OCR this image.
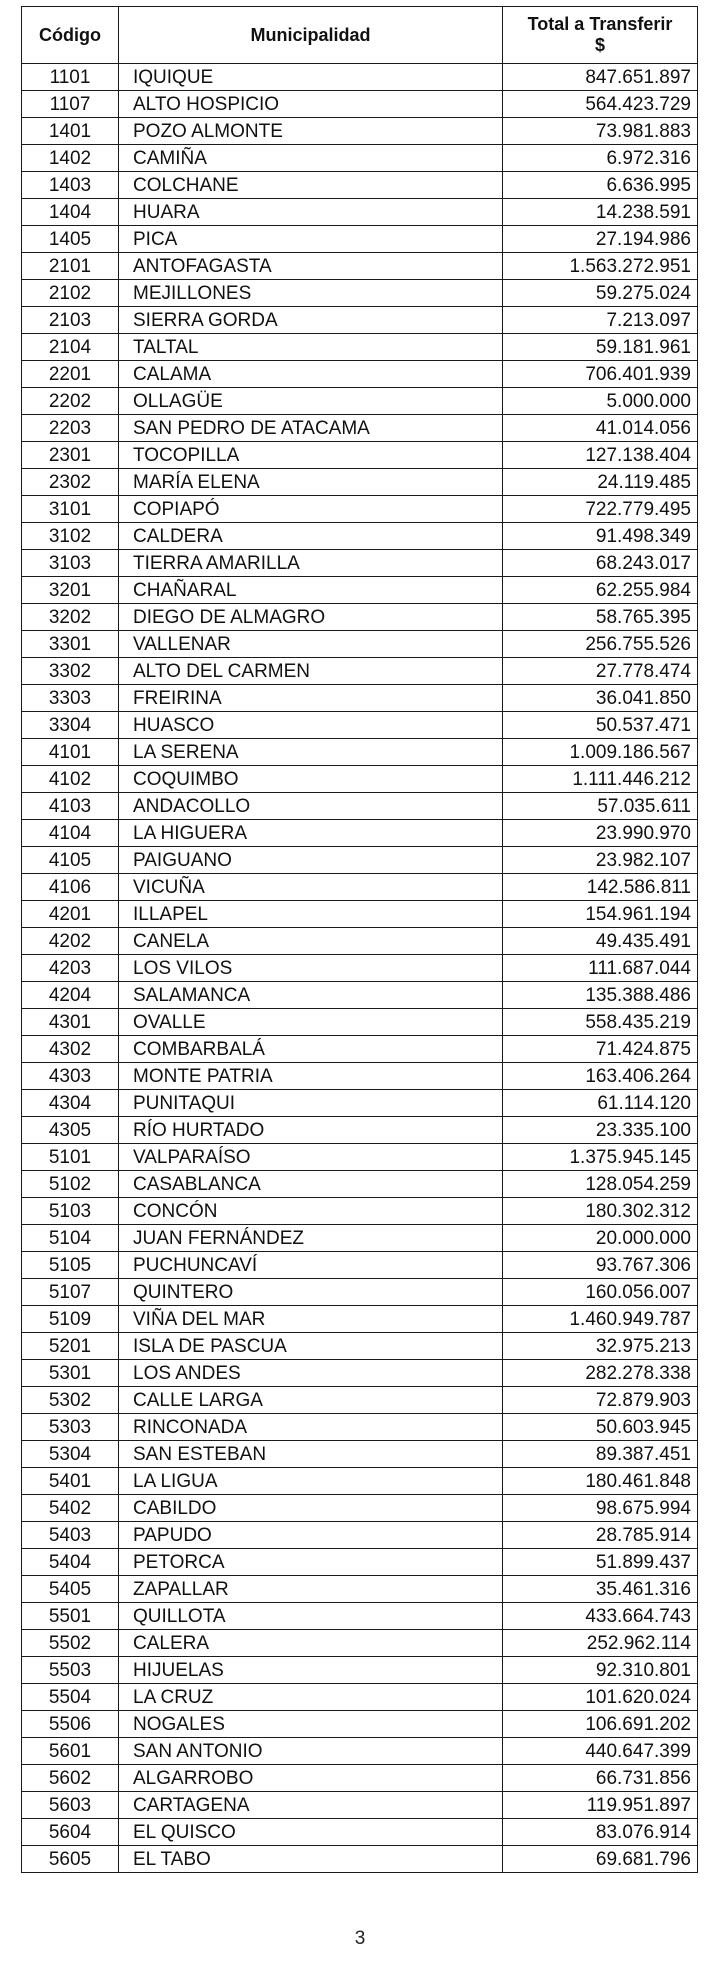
Código	Municipalidad	Total a Transferir
$

1101	IQUIQUE	847.651.897
1107	ALTO HOSPICIO	564.423.729
1401	POZO ALMONTE	73.981.883
1402	CAMIÑA	6.972.316
1403	COLCHANE	6.636.995
1404	HUARA	14.238.591
1405	PICA	27.194.986
2101	ANTOFAGASTA	1.563.272.951
2102	MEJILLONES	59.275.024
2103	SIERRA GORDA	7.213.097
2104	TALTAL	59.181.961
2201	CALAMA	706.401.939
2202	OLLAGÜE	5.000.000
2203	SAN PEDRO DE ATACAMA	41.014.056
2301	TOCOPILLA	127.138.404
2302	MARÍA ELENA	24.119.485
3101	COPIAPÓ	722.779.495
3102	CALDERA	91.498.349
3103	TIERRA AMARILLA	68.243.017
3201	CHAÑARAL	62.255.984
3202	DIEGO DE ALMAGRO	58.765.395
3301	VALLENAR	256.755.526
3302	ALTO DEL CARMEN	27.778.474
3303	FREIRINA	36.041.850
3304	HUASCO	50.537.471
4101	LA SERENA	1.009.186.567
4102	COQUIMBO	1.111.446.212
4103	ANDACOLLO	57.035.611
4104	LA HIGUERA	23.990.970
4105	PAIGUANO	23.982.107
4106	VICUÑA	142.586.811
4201	ILLAPEL	154.961.194
4202	CANELA	49.435.491
4203	LOS VILOS	111.687.044
4204	SALAMANCA	135.388.486
4301	OVALLE	558.435.219
4302	COMBARBALÁ	71.424.875
4303	MONTE PATRIA	163.406.264
4304	PUNITAQUI	61.114.120
4305	RÍO HURTADO	23.335.100
5101	VALPARAÍSO	1.375.945.145
5102	CASABLANCA	128.054.259
5103	CONCÓN	180.302.312
5104	JUAN FERNÁNDEZ	20.000.000
5105	PUCHUNCAVÍ	93.767.306
5107	QUINTERO	160.056.007
5109	VIÑA DEL MAR	1.460.949.787
5201	ISLA DE PASCUA	32.975.213
5301	LOS ANDES	282.278.338
5302	CALLE LARGA	72.879.903
5303	RINCONADA	50.603.945
5304	SAN ESTEBAN	89.387.451
5401	LA LIGUA	180.461.848
5402	CABILDO	98.675.994
5403	PAPUDO	28.785.914
5404	PETORCA	51.899.437
5405	ZAPALLAR	35.461.316
5501	QUILLOTA	433.664.743
5502	CALERA	252.962.114
5503	HIJUELAS	92.310.801
5504	LA CRUZ	101.620.024
5506	NOGALES	106.691.202
5601	SAN ANTONIO	440.647.399
5602	ALGARROBO	66.731.856
5603	CARTAGENA	119.951.897
5604	EL QUISCO	83.076.914
5605	EL TABO	69.681.796
3
